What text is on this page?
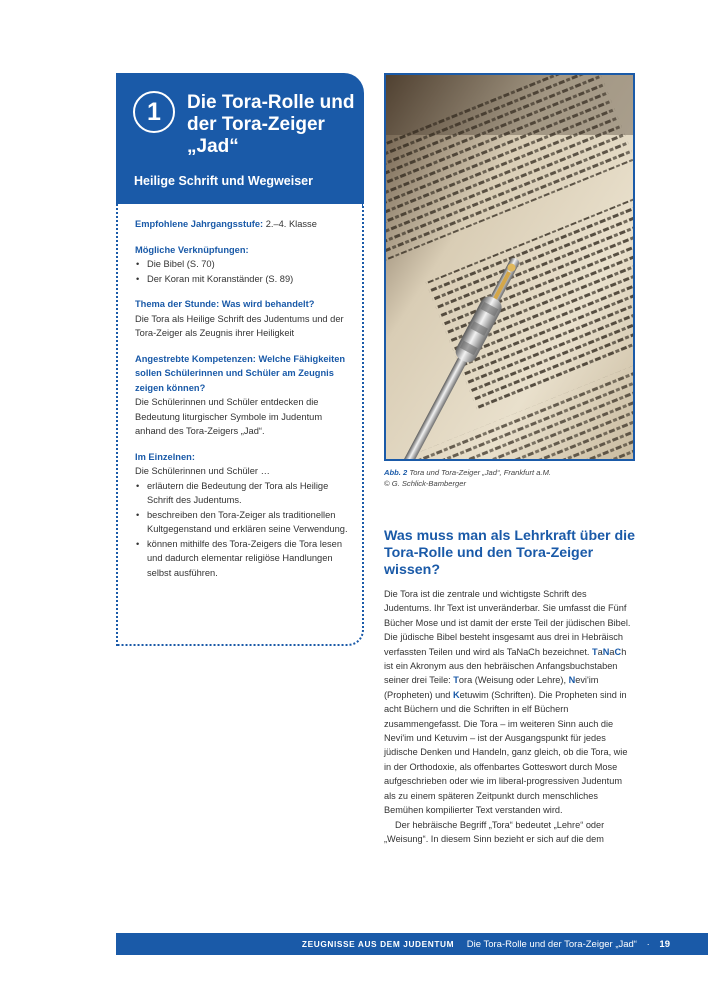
1	Die Tora-Rolle und der Tora-Zeiger „Jad“
Heilige Schrift und Wegweiser
Empfohlene Jahrgangsstufe: 2.–4. Klasse
Mögliche Verknüpfungen:
• Die Bibel (S. 70)
• Der Koran mit Koranständer (S. 89)
Thema der Stunde: Was wird behandelt?
Die Tora als Heilige Schrift des Judentums und der Tora-Zeiger als Zeugnis ihrer Heiligkeit
Angestrebte Kompetenzen: Welche Fähigkeiten sollen Schülerinnen und Schüler am Zeugnis zeigen können?
Die Schülerinnen und Schüler entdecken die Bedeutung liturgischer Symbole im Judentum anhand des Tora-Zeigers „Jad“.
Im Einzelnen:
Die Schülerinnen und Schüler …
• erläutern die Bedeutung der Tora als Heilige Schrift des Judentums.
• beschreiben den Tora-Zeiger als traditionellen Kultgegenstand und erklären seine Verwendung.
• können mithilfe des Tora-Zeigers die Tora lesen und dadurch elementar religiöse Handlungen selbst ausführen.
Abb. 2 Tora und Tora-Zeiger „Jad“, Frankfurt a.M.
© G. Schlick-Bamberger
Was muss man als Lehrkraft über die Tora-Rolle und den Tora-Zeiger wissen?

Die Tora ist die zentrale und wichtigste Schrift des Judentums. Ihr Text ist unveränderbar. Sie umfasst die Fünf Bücher Mose und ist damit der erste Teil der jüdischen Bibel. Die jüdische Bibel besteht insgesamt aus drei in Hebräisch verfassten Teilen und wird als TaNaCh bezeichnet. TaNaCh ist ein Akronym aus den hebräischen Anfangsbuchstaben seiner drei Teile: Tora (Weisung oder Lehre), Nevi'im (Propheten) und Ketuwim (Schriften). Die Propheten sind in acht Büchern und die Schriften in elf Büchern zusammengefasst. Die Tora – im weiteren Sinn auch die Nevi'im und Ketuvim – ist der Ausgangspunkt für jedes jüdische Denken und Handeln, ganz gleich, ob die Tora, wie in der Orthodoxie, als offenbartes Gotteswort durch Mose aufgeschrieben oder wie im liberal-progressiven Judentum als zu einem späteren Zeitpunkt durch menschliches Bemühen kompilierter Text verstanden wird.

Der hebräische Begriff „Tora“ bedeutet „Lehre“ oder „Weisung“. In diesem Sinn bezieht er sich auf die dem

ZEUGNISSE AUS DEM JUDENTUM Die Tora-Rolle und der Tora-Zeiger „Jad“ · 19
